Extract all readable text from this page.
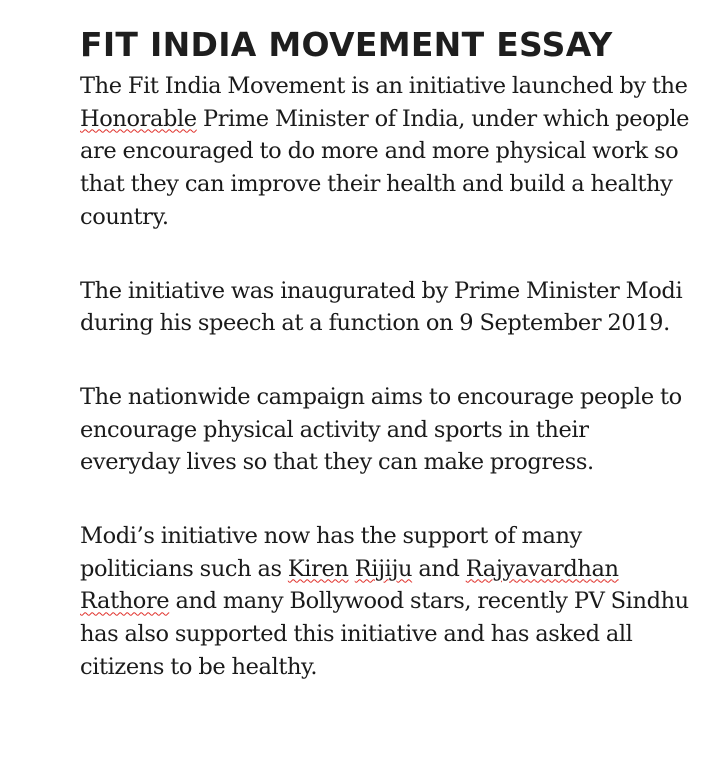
FIT INDIA MOVEMENT ESSAY

The Fit India Movement is an initiative launched by the Honorable Prime Minister of India, under which people are encouraged to do more and more physical work so that they can improve their health and build a healthy country.

The initiative was inaugurated by Prime Minister Modi during his speech at a function on 9 September 2019.

The nationwide campaign aims to encourage people to encourage physical activity and sports in their everyday lives so that they can make progress.

Modi’s initiative now has the support of many politicians such as Kiren Rijiju and Rajyavardhan Rathore and many Bollywood stars, recently PV Sindhu has also supported this initiative and has asked all citizens to be healthy.
